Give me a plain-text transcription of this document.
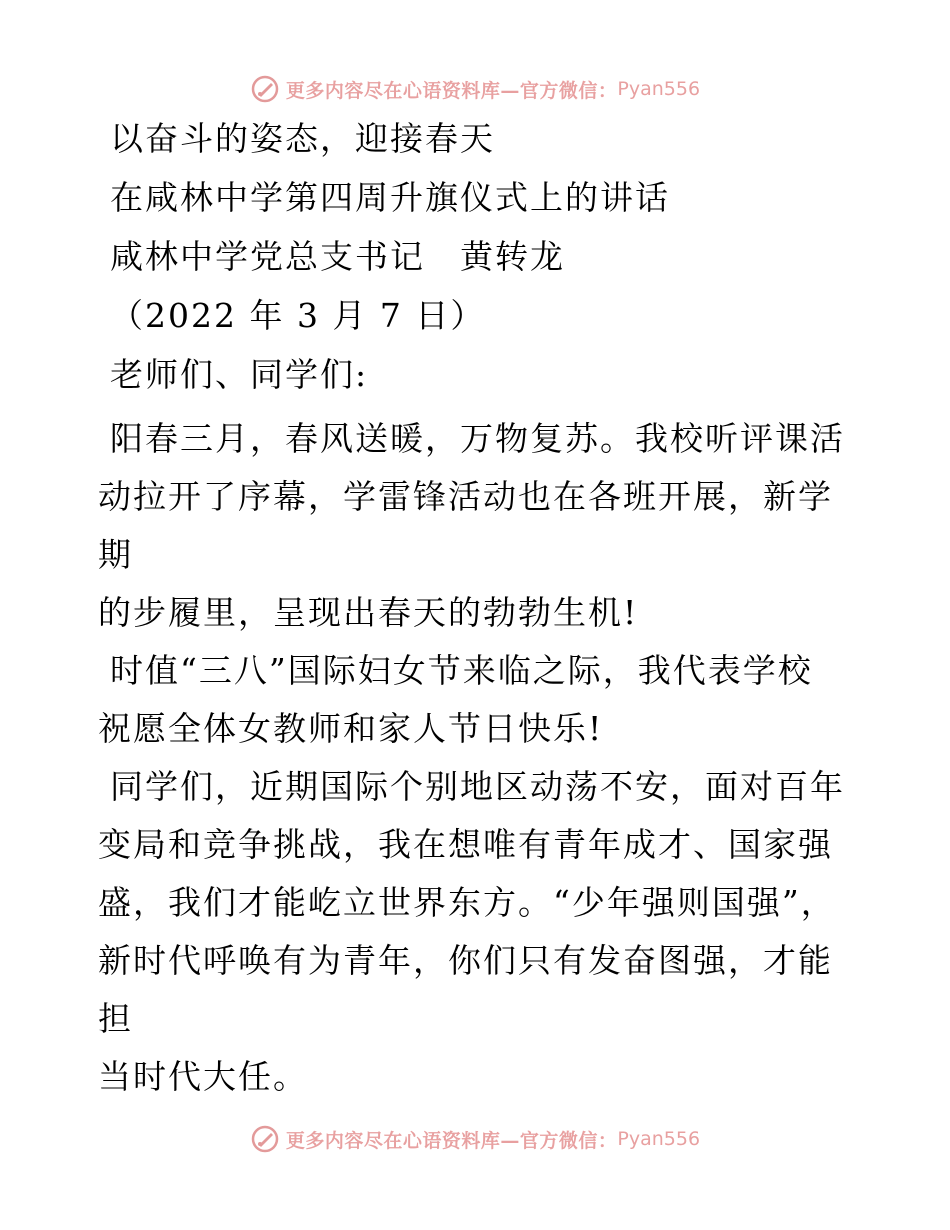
更多内容尽在心语资料库—官方微信： Pyan556
以奋斗的姿态，迎接春天
在咸林中学第四周升旗仪式上的讲话
咸林中学党总支书记　黄转龙
（2022 年 3 月 7 日）
老师们、同学们:
阳春三月，春风送暖，万物复苏。我校听评课活
动拉开了序幕，学雷锋活动也在各班开展，新学期
的步履里，呈现出春天的勃勃生机!
时值“三八”国际妇女节来临之际，我代表学校
祝愿全体女教师和家人节日快乐!
同学们，近期国际个别地区动荡不安，面对百年
变局和竞争挑战，我在想唯有青年成才、国家强
盛，我们才能屹立世界东方。“少年强则国强”，
新时代呼唤有为青年，你们只有发奋图强，才能担
当时代大任。
更多内容尽在心语资料库—官方微信： Pyan556
